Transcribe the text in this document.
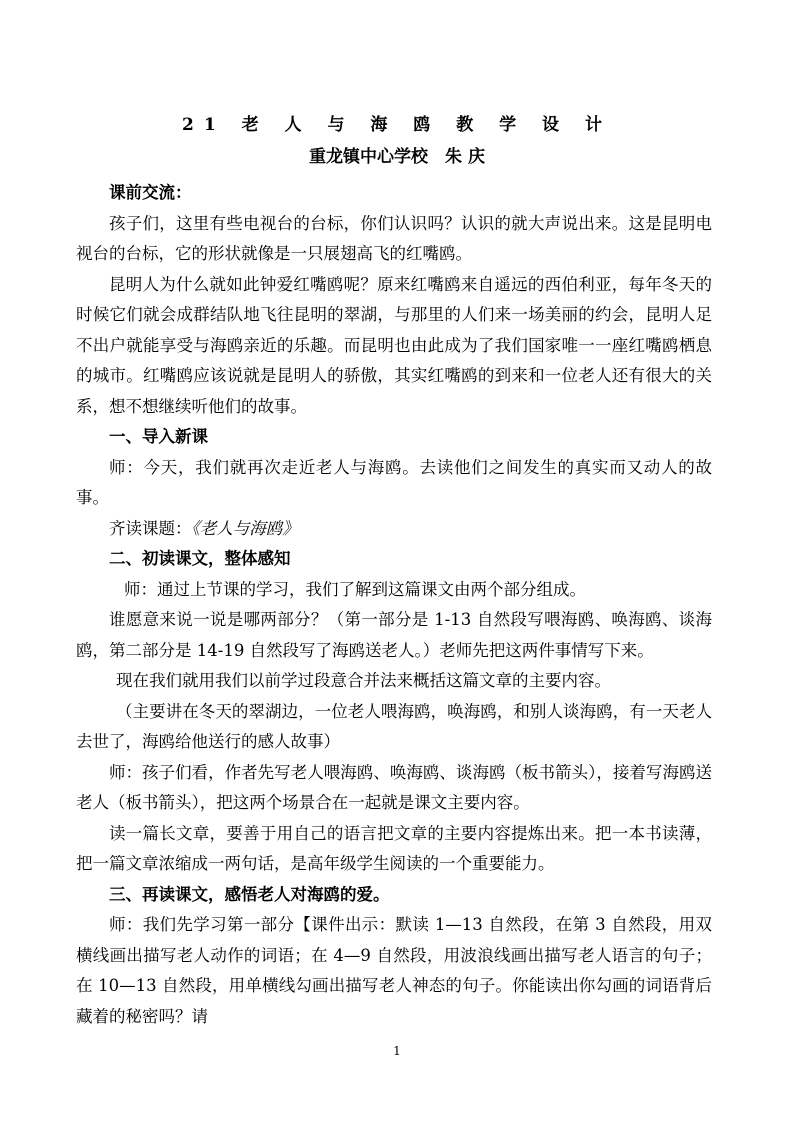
21 老 人 与 海 鸥 教 学 设 计
重龙镇中心学校　朱 庆

课前交流：

孩子们，这里有些电视台的台标，你们认识吗？认识的就大声说出来。这是昆明电视台的台标，它的形状就像是一只展翅高飞的红嘴鸥。

昆明人为什么就如此钟爱红嘴鸥呢？原来红嘴鸥来自遥远的西伯利亚，每年冬天的时候它们就会成群结队地飞往昆明的翠湖，与那里的人们来一场美丽的约会，昆明人足不出户就能享受与海鸥亲近的乐趣。而昆明也由此成为了我们国家唯一一座红嘴鸥栖息的城市。红嘴鸥应该说就是昆明人的骄傲，其实红嘴鸥的到来和一位老人还有很大的关系，想不想继续听他们的故事。

一、导入新课

师：今天，我们就再次走近老人与海鸥。去读他们之间发生的真实而又动人的故事。

齐读课题：《老人与海鸥》

二、初读课文，整体感知

师：通过上节课的学习，我们了解到这篇课文由两个部分组成。

谁愿意来说一说是哪两部分？（第一部分是 1-13 自然段写喂海鸥、唤海鸥、谈海鸥，第二部分是 14-19 自然段写了海鸥送老人。）老师先把这两件事情写下来。

现在我们就用我们以前学过段意合并法来概括这篇文章的主要内容。

（主要讲在冬天的翠湖边，一位老人喂海鸥，唤海鸥，和别人谈海鸥，有一天老人去世了，海鸥给他送行的感人故事）

师：孩子们看，作者先写老人喂海鸥、唤海鸥、谈海鸥（板书箭头），接着写海鸥送老人（板书箭头），把这两个场景合在一起就是课文主要内容。

读一篇长文章，要善于用自己的语言把文章的主要内容提炼出来。把一本书读薄，把一篇文章浓缩成一两句话，是高年级学生阅读的一个重要能力。

三、再读课文，感悟老人对海鸥的爱。

师：我们先学习第一部分【课件出示：默读 1—13 自然段，在第 3 自然段，用双横线画出描写老人动作的词语；在 4—9 自然段，用波浪线画出描写老人语言的句子；在 10—13 自然段，用单横线勾画出描写老人神态的句子。你能读出你勾画的词语背后藏着的秘密吗？请

1
